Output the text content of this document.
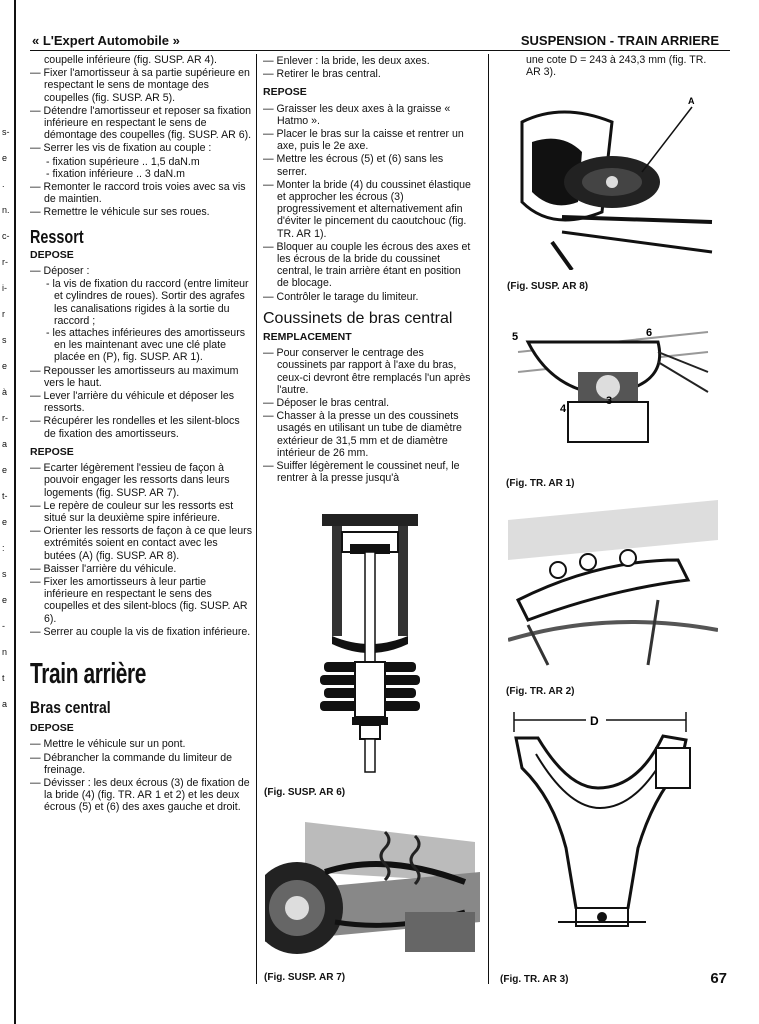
s-
e
.
n.
c-
r-
i-
r
s
e
à
r-
a
e
t-
e
:
s
e
-
n
t
a
« L'Expert Automobile »	SUSPENSION - TRAIN ARRIERE
coupelle inférieure (fig. SUSP. AR 4).
— Fixer l'amortisseur à sa partie supérieure en respectant le sens de montage des coupelles (fig. SUSP. AR 5).
— Détendre l'amortisseur et reposer sa fixation inférieure en respectant le sens de démontage des coupelles (fig. SUSP. AR 6).
— Serrer les vis de fixation au couple :
- fixation supérieure .. 1,5 daN.m
- fixation inférieure .. 3 daN.m
— Remonter le raccord trois voies avec sa vis de maintien.
— Remettre le véhicule sur ses roues.
Ressort
DEPOSE
— Déposer :
- la vis de fixation du raccord (entre limiteur et cylindres de roues). Sortir des agrafes les canalisations rigides à la sortie du raccord ;
- les attaches inférieures des amortisseurs en les maintenant avec une clé plate placée en (P), fig. SUSP. AR 1).
— Repousser les amortisseurs au maximum vers le haut.
— Lever l'arrière du véhicule et déposer les ressorts.
— Récupérer les rondelles et les silent-blocs de fixation des amortisseurs.
REPOSE
— Ecarter légèrement l'essieu de façon à pouvoir engager les ressorts dans leurs logements (fig. SUSP. AR 7).
— Le repère de couleur sur les ressorts est situé sur la deuxième spire inférieure.
— Orienter les ressorts de façon à ce que leurs extrémités soient en contact avec les butées (A) (fig. SUSP. AR 8).
— Baisser l'arrière du véhicule.
— Fixer les amortisseurs à leur partie inférieure en respectant le sens des coupelles et des silent-blocs (fig. SUSP. AR 6).
— Serrer au couple la vis de fixation inférieure.
Train arrière
Bras central
DEPOSE
— Mettre le véhicule sur un pont.
— Débrancher la commande du limiteur de freinage.
— Dévisser : les deux écrous (3) de fixation de la bride (4) (fig. TR. AR 1 et 2) et les deux écrous (5) et (6) des axes gauche et droit.
— Enlever : la bride, les deux axes.
— Retirer le bras central.
REPOSE
— Graisser les deux axes à la graisse « Hatmo ».
— Placer le bras sur la caisse et rentrer un axe, puis le 2e axe.
— Mettre les écrous (5) et (6) sans les serrer.
— Monter la bride (4) du coussinet élastique et approcher les écrous (3) progressivement et alternativement afin d'éviter le pincement du caoutchouc (fig. TR. AR 1).
— Bloquer au couple les écrous des axes et les écrous de la bride du coussinet central, le train arrière étant en position de blocage.
— Contrôler le tarage du limiteur.
Coussinets de bras central
REMPLACEMENT
— Pour conserver le centrage des coussinets par rapport à l'axe du bras, ceux-ci devront être remplacés l'un après l'autre.
— Déposer le bras central.
— Chasser à la presse un des coussinets usagés en utilisant un tube de diamètre extérieur de 31,5 mm et de diamètre intérieur de 26 mm.
— Suiffer légèrement le coussinet neuf, le rentrer à la presse jusqu'à
(Fig. SUSP. AR 6)
(Fig. SUSP. AR 7)
une cote D = 243 à 243,3 mm (fig. TR. AR 3).
A
(Fig. SUSP. AR 8)
5	6
4
3
(Fig. TR. AR 1)
(Fig. TR. AR 2)
D
(Fig. TR. AR 3)	67
